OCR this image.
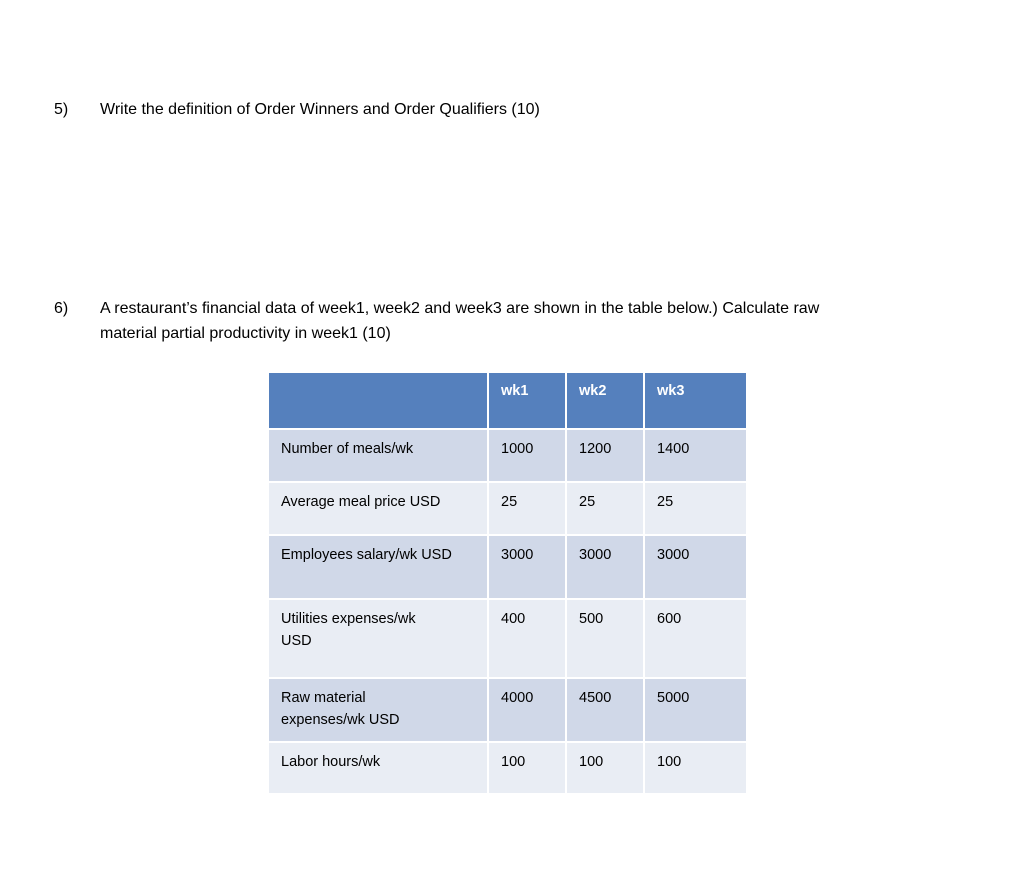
5) Write the definition of Order Winners and Order Qualifiers (10)
6) A restaurant’s financial data of week1, week2 and week3 are shown in the table below.) Calculate raw
material partial productivity in week1 (10)
	wk1	wk2	wk3

Number of meals/wk	1000	1200	1400

Average meal price USD	25	25	25

Employees salary/wk USD	3000	3000	3000

Utilities expenses/wk
USD	400	500	600

Raw material
expenses/wk USD	4000	4500	5000

Labor hours/wk	100	100	100
